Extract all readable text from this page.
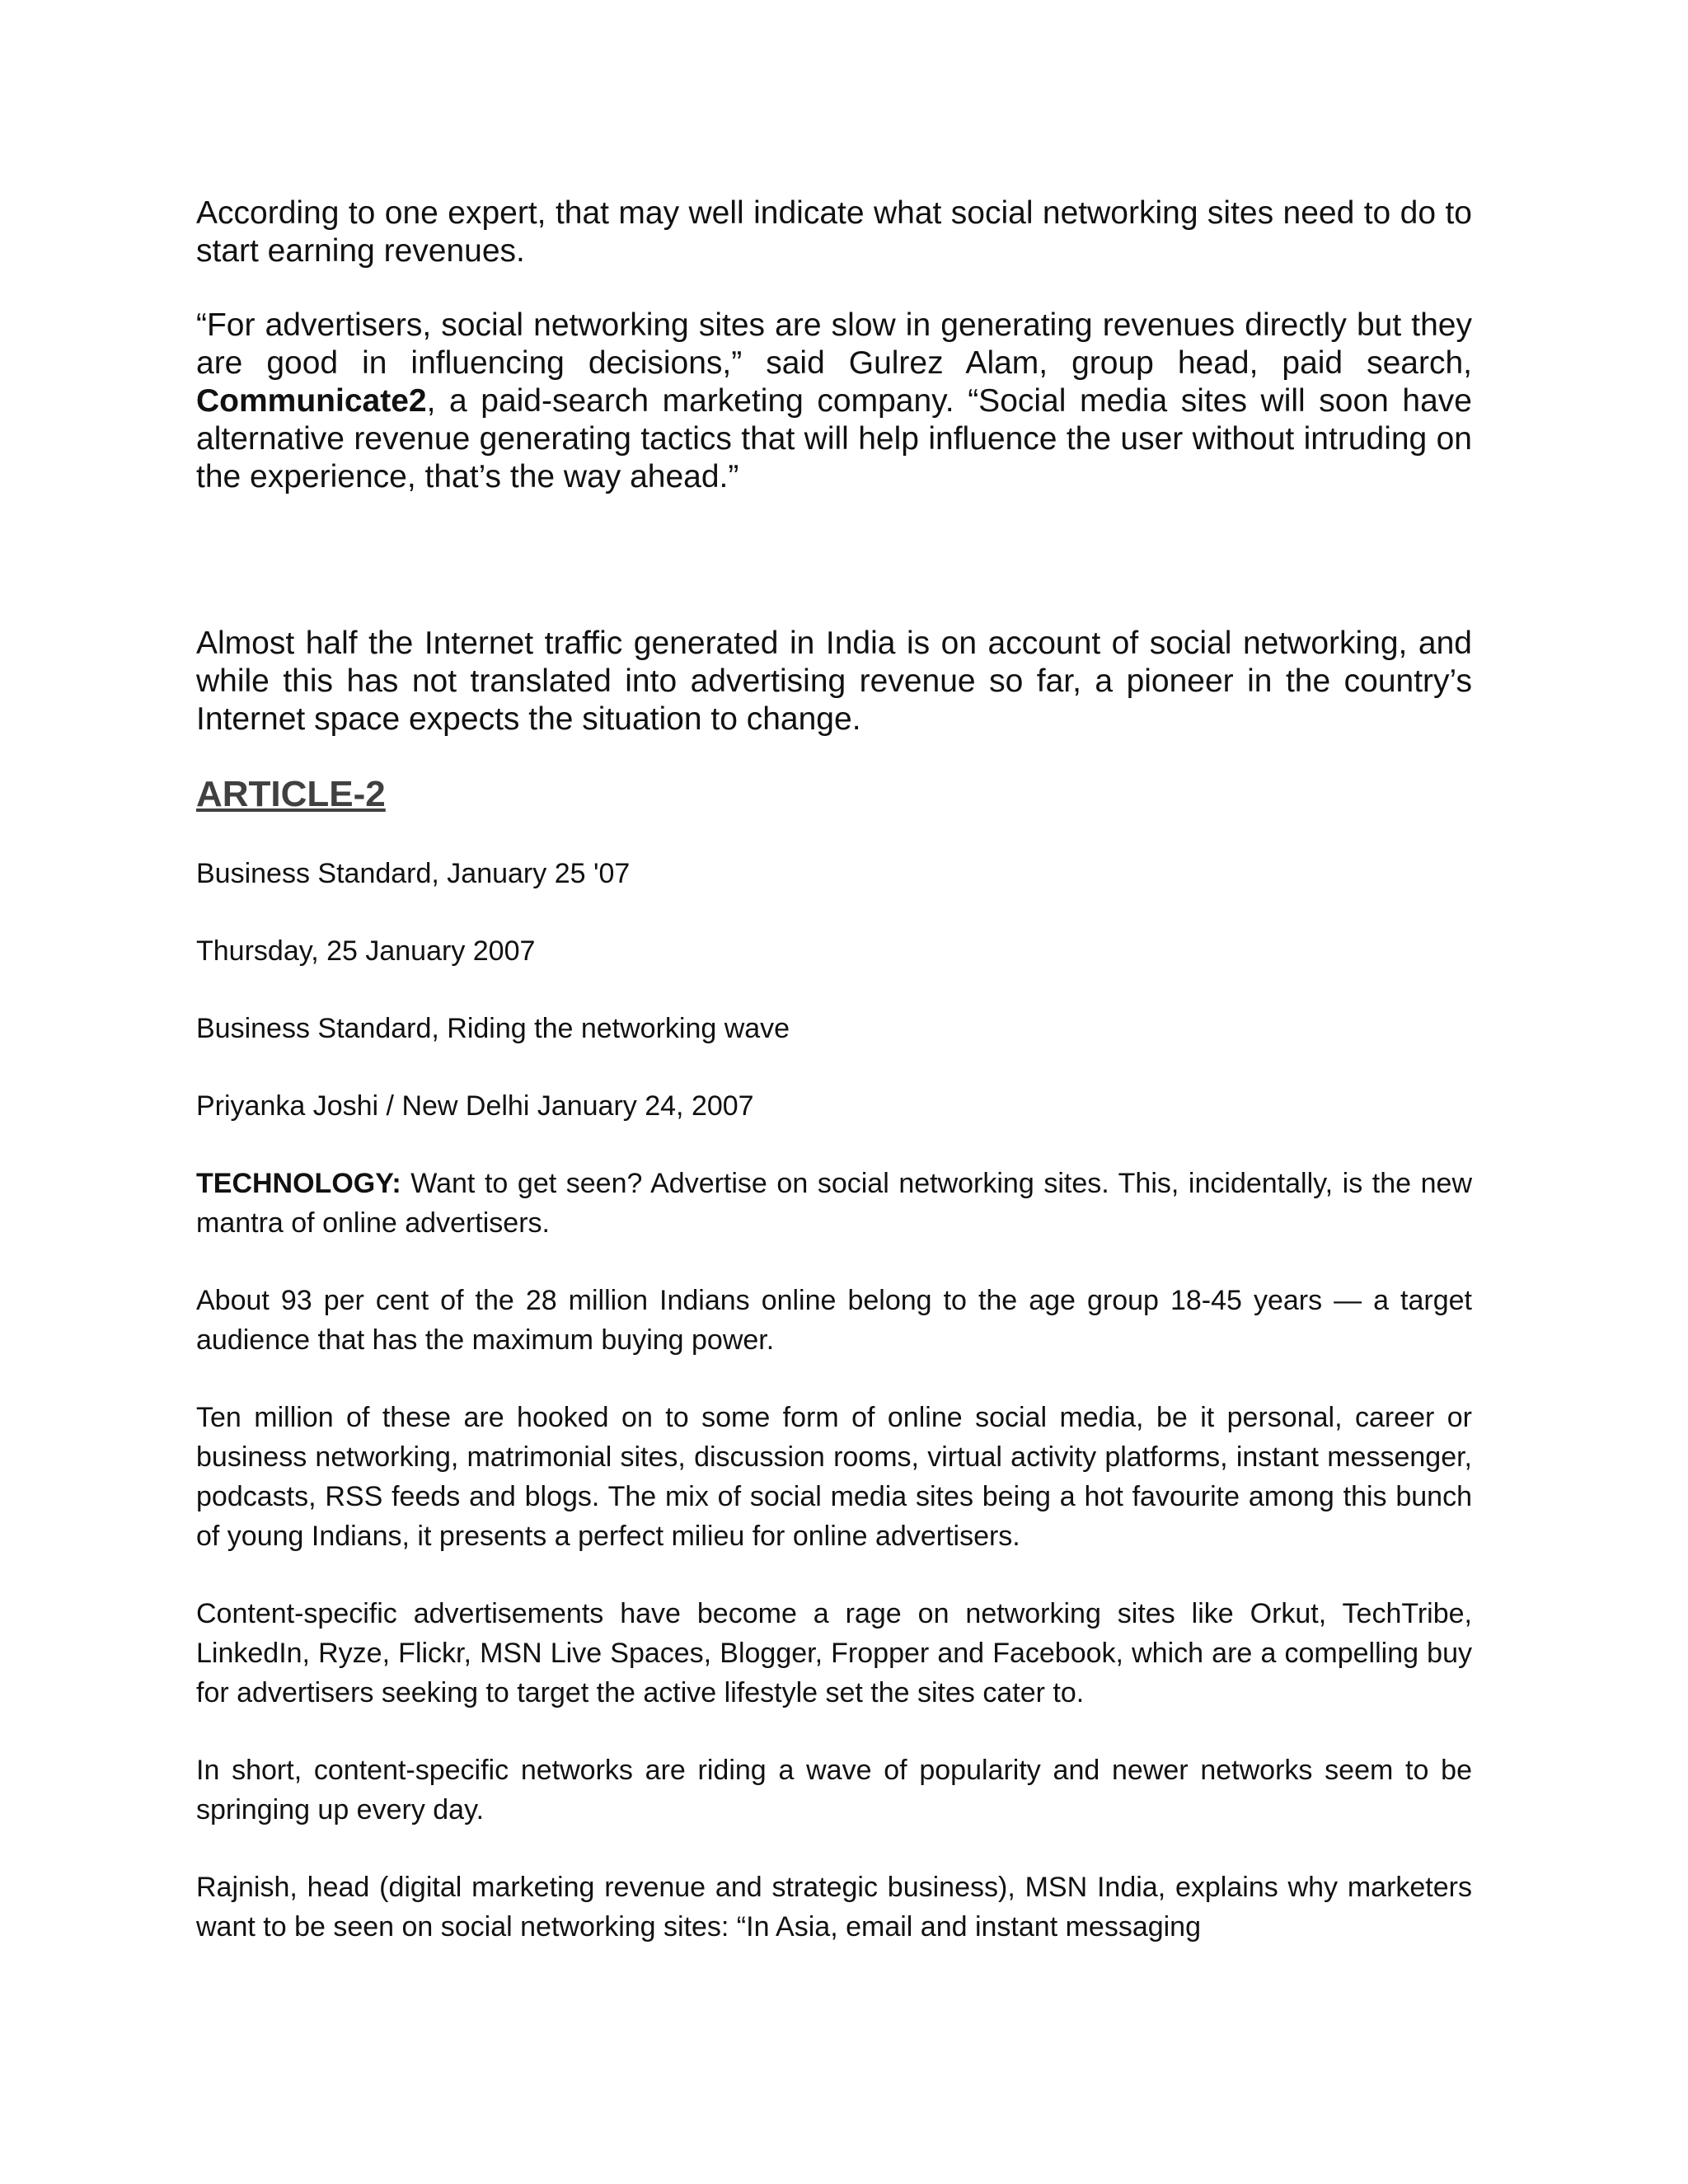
According to one expert, that may well indicate what social networking sites need to do to start earning revenues.

“For advertisers, social networking sites are slow in generating revenues directly but they are good in influencing decisions,” said Gulrez Alam, group head, paid search, Communicate2, a paid-search marketing company. “Social media sites will soon have alternative revenue generating tactics that will help influence the user without intruding on the experience, that’s the way ahead.”

Almost half the Internet traffic generated in India is on account of social networking, and while this has not translated into advertising revenue so far, a pioneer in the country’s Internet space expects the situation to change.

ARTICLE-2

Business Standard, January 25 '07

Thursday, 25 January 2007

Business Standard, Riding the networking wave

Priyanka Joshi / New Delhi January 24, 2007

TECHNOLOGY: Want to get seen? Advertise on social networking sites. This, incidentally, is the new mantra of online advertisers.

About 93 per cent of the 28 million Indians online belong to the age group 18-45 years — a target audience that has the maximum buying power.

Ten million of these are hooked on to some form of online social media, be it personal, career or business networking, matrimonial sites, discussion rooms, virtual activity platforms, instant messenger, podcasts, RSS feeds and blogs. The mix of social media sites being a hot favourite among this bunch of young Indians, it presents a perfect milieu for online advertisers.

Content-specific advertisements have become a rage on networking sites like Orkut, TechTribe, LinkedIn, Ryze, Flickr, MSN Live Spaces, Blogger, Fropper and Facebook, which are a compelling buy for advertisers seeking to target the active lifestyle set the sites cater to.

In short, content-specific networks are riding a wave of popularity and newer networks seem to be springing up every day.

Rajnish, head (digital marketing revenue and strategic business), MSN India, explains why marketers want to be seen on social networking sites: “In Asia, email and instant messaging
